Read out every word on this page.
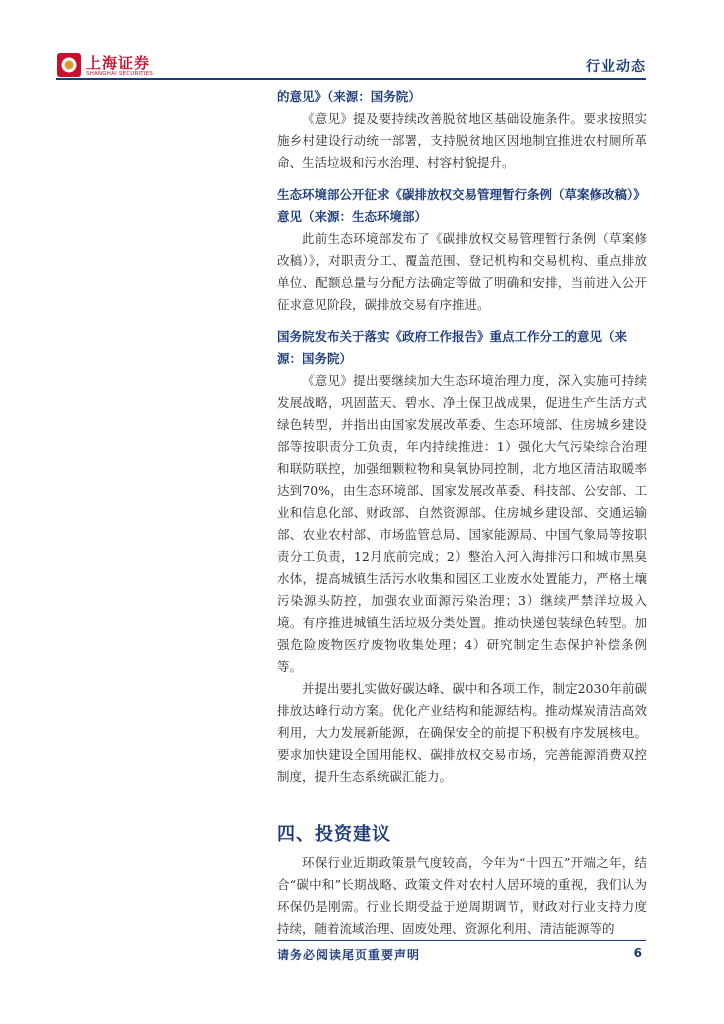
上海证券
SHANGHAI SECURITIES	行业动态

的意见》（来源：国务院）

《意见》提及要持续改善脱贫地区基础设施条件。要求按照实施乡村建设行动统一部署，支持脱贫地区因地制宜推进农村厕所革命、生活垃圾和污水治理、村容村貌提升。

生态环境部公开征求《碳排放权交易管理暂行条例（草案修改稿）》意见（来源：生态环境部）

此前生态环境部发布了《碳排放权交易管理暂行条例（草案修改稿）》，对职责分工、覆盖范围、登记机构和交易机构、重点排放单位、配额总量与分配方法确定等做了明确和安排，当前进入公开征求意见阶段，碳排放交易有序推进。

国务院发布关于落实《政府工作报告》重点工作分工的意见（来源：国务院）

《意见》提出要继续加大生态环境治理力度，深入实施可持续发展战略，巩固蓝天、碧水、净土保卫战成果，促进生产生活方式绿色转型，并指出由国家发展改革委、生态环境部、住房城乡建设部等按职责分工负责，年内持续推进：1）强化大气污染综合治理和联防联控，加强细颗粒物和臭氧协同控制，北方地区清洁取暖率达到70%，由生态环境部、国家发展改革委、科技部、公安部、工业和信息化部、财政部、自然资源部、住房城乡建设部、交通运输部、农业农村部、市场监管总局、国家能源局、中国气象局等按职责分工负责，12月底前完成；2）整治入河入海排污口和城市黑臭水体，提高城镇生活污水收集和园区工业废水处置能力，严格土壤污染源头防控，加强农业面源污染治理；3）继续严禁洋垃圾入境。有序推进城镇生活垃圾分类处置。推动快递包装绿色转型。加强危险废物医疗废物收集处理；4）研究制定生态保护补偿条例等。

并提出要扎实做好碳达峰、碳中和各项工作，制定2030年前碳排放达峰行动方案。优化产业结构和能源结构。推动煤炭清洁高效利用，大力发展新能源，在确保安全的前提下积极有序发展核电。要求加快建设全国用能权、碳排放权交易市场，完善能源消费双控制度，提升生态系统碳汇能力。

四、投资建议

环保行业近期政策景气度较高，今年为“十四五”开端之年，结合“碳中和”长期战略、政策文件对农村人居环境的重视，我们认为环保仍是刚需。行业长期受益于逆周期调节，财政对行业支持力度持续，随着流域治理、固废处理、资源化利用、清洁能源等的

请务必阅读尾页重要声明	6
